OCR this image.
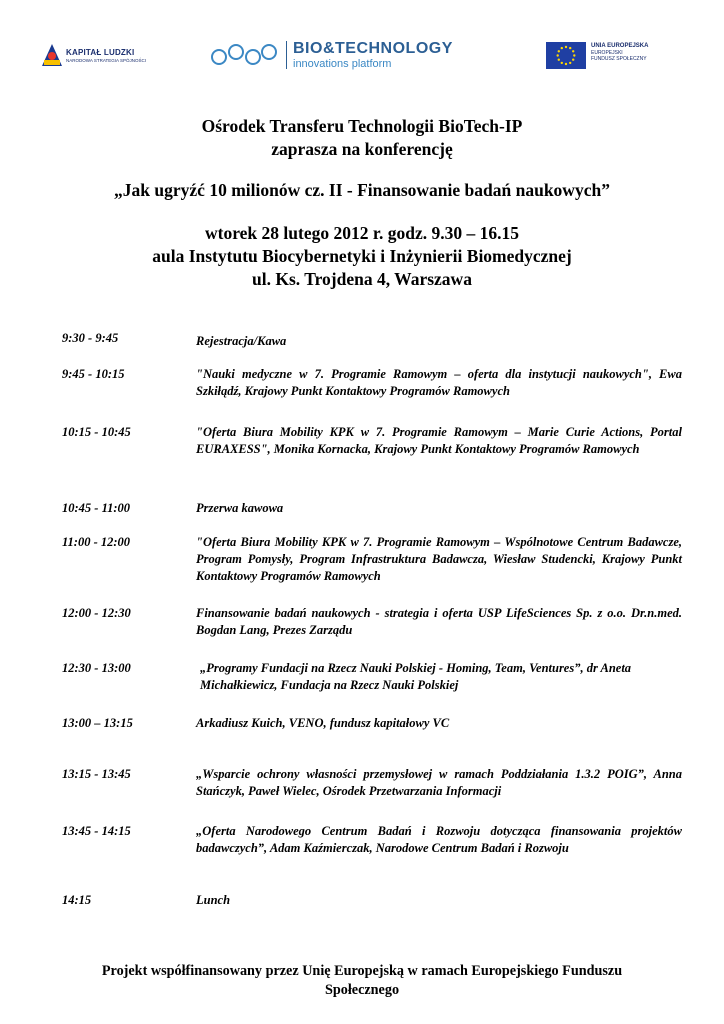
KAPITAŁ LUDZKI
NARODOWA STRATEGIA SPÓJNOŚCI
BIO&TECHNOLOGY
innovations platform
UNIA EUROPEJSKA
EUROPEJSKI
FUNDUSZ SPOŁECZNY
Ośrodek Transferu Technologii BioTech-IP
zaprasza na konferencję
„Jak ugryźć 10 milionów cz. II - Finansowanie badań naukowych”
wtorek 28 lutego 2012 r. godz. 9.30 – 16.15
aula Instytutu Biocybernetyki i Inżynierii Biomedycznej
ul. Ks. Trojdena 4, Warszawa
9:30 - 9:45	Rejestracja/Kawa
9:45 - 10:15	"Nauki medyczne w 7. Programie Ramowym – oferta dla instytucji naukowych", Ewa Szkiłądź, Krajowy Punkt Kontaktowy Programów Ramowych
10:15 - 10:45	"Oferta Biura Mobility KPK w 7. Programie Ramowym – Marie Curie Actions, Portal EURAXESS", Monika Kornacka, Krajowy Punkt Kontaktowy Programów Ramowych
10:45 - 11:00	Przerwa kawowa
11:00 - 12:00	"Oferta Biura Mobility KPK w 7. Programie Ramowym – Wspólnotowe Centrum Badawcze, Program Pomysły, Program Infrastruktura Badawcza, Wiesław Studencki, Krajowy Punkt Kontaktowy Programów Ramowych
12:00 - 12:30	Finansowanie badań naukowych - strategia i oferta USP LifeSciences Sp. z o.o. Dr.n.med. Bogdan Lang, Prezes Zarządu
12:30 - 13:00	„Programy Fundacji na Rzecz Nauki Polskiej - Homing, Team, Ventures”, dr Aneta Michałkiewicz, Fundacja na Rzecz Nauki Polskiej
13:00 – 13:15	Arkadiusz Kuich, VENO, fundusz kapitałowy VC
13:15 - 13:45	„Wsparcie ochrony własności przemysłowej w ramach Poddziałania 1.3.2 POIG”, Anna Stańczyk, Paweł Wielec, Ośrodek Przetwarzania Informacji
13:45 - 14:15	„Oferta Narodowego Centrum Badań i Rozwoju dotycząca finansowania projektów badawczych”, Adam Kaźmierczak, Narodowe Centrum Badań i Rozwoju
14:15	Lunch
Projekt współfinansowany przez Unię Europejską w ramach Europejskiego Funduszu
Społecznego
